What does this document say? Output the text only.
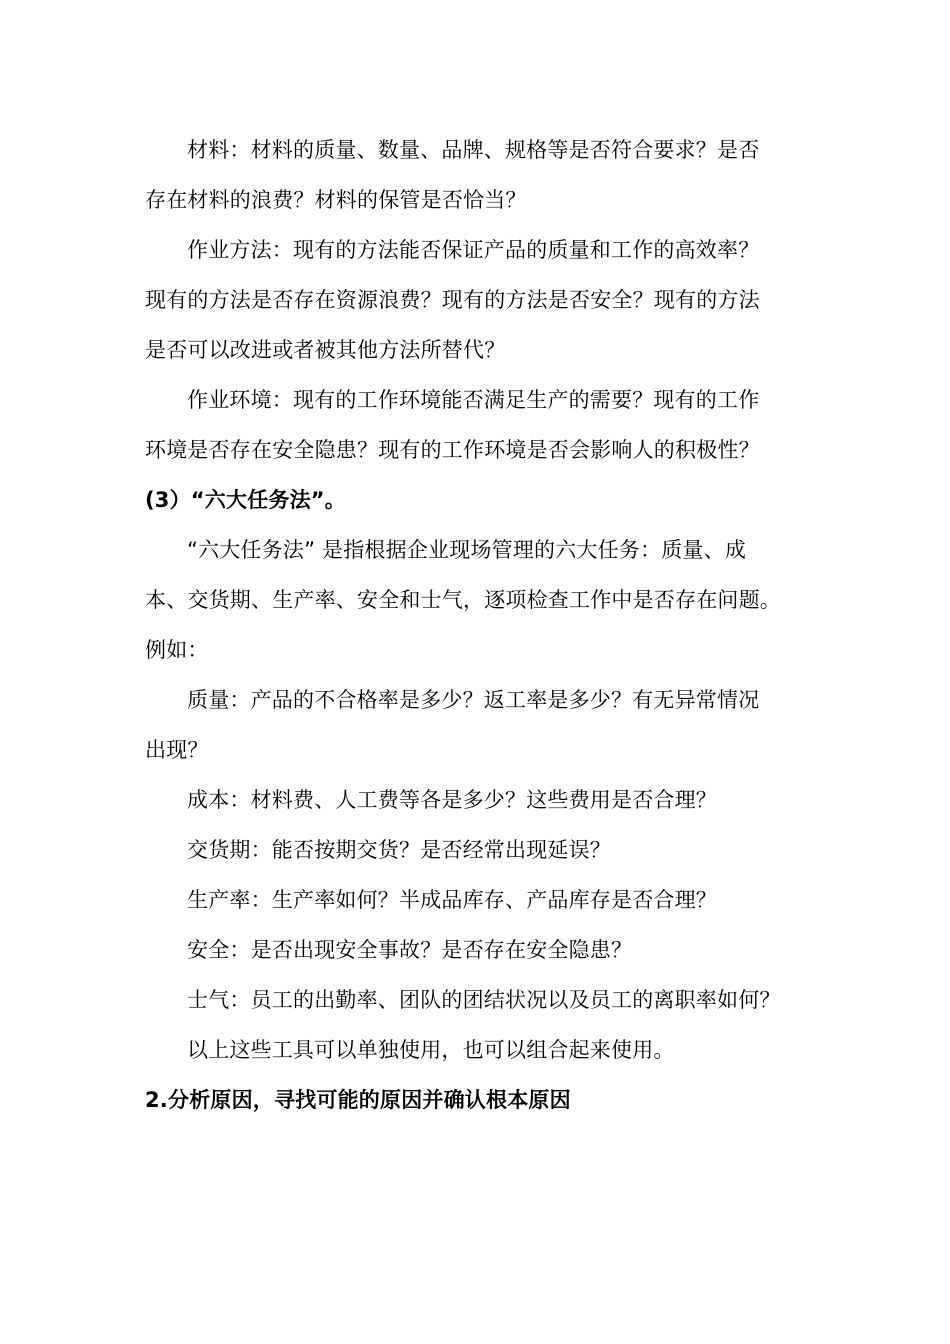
材料：材料的质量、数量、品牌、规格等是否符合要求？是否
存在材料的浪费？材料的保管是否恰当？
作业方法：现有的方法能否保证产品的质量和工作的高效率？
现有的方法是否存在资源浪费？现有的方法是否安全？现有的方法
是否可以改进或者被其他方法所替代？
作业环境：现有的工作环境能否满足生产的需要？现有的工作
环境是否存在安全隐患？现有的工作环境是否会影响人的积极性？
(3）“六大任务法”。
“六大任务法” 是指根据企业现场管理的六大任务：质量、成
本、交货期、生产率、安全和士气，逐项检查工作中是否存在问题。
例如：
质量：产品的不合格率是多少？返工率是多少？有无异常情况
出现？
成本：材料费、人工费等各是多少？这些费用是否合理？
交货期：能否按期交货？是否经常出现延误？
生产率：生产率如何？半成品库存、产品库存是否合理？
安全：是否出现安全事故？是否存在安全隐患？
士气：员工的出勤率、团队的团结状况以及员工的离职率如何？
以上这些工具可以单独使用，也可以组合起来使用。
2.分析原因，寻找可能的原因并确认根本原因
